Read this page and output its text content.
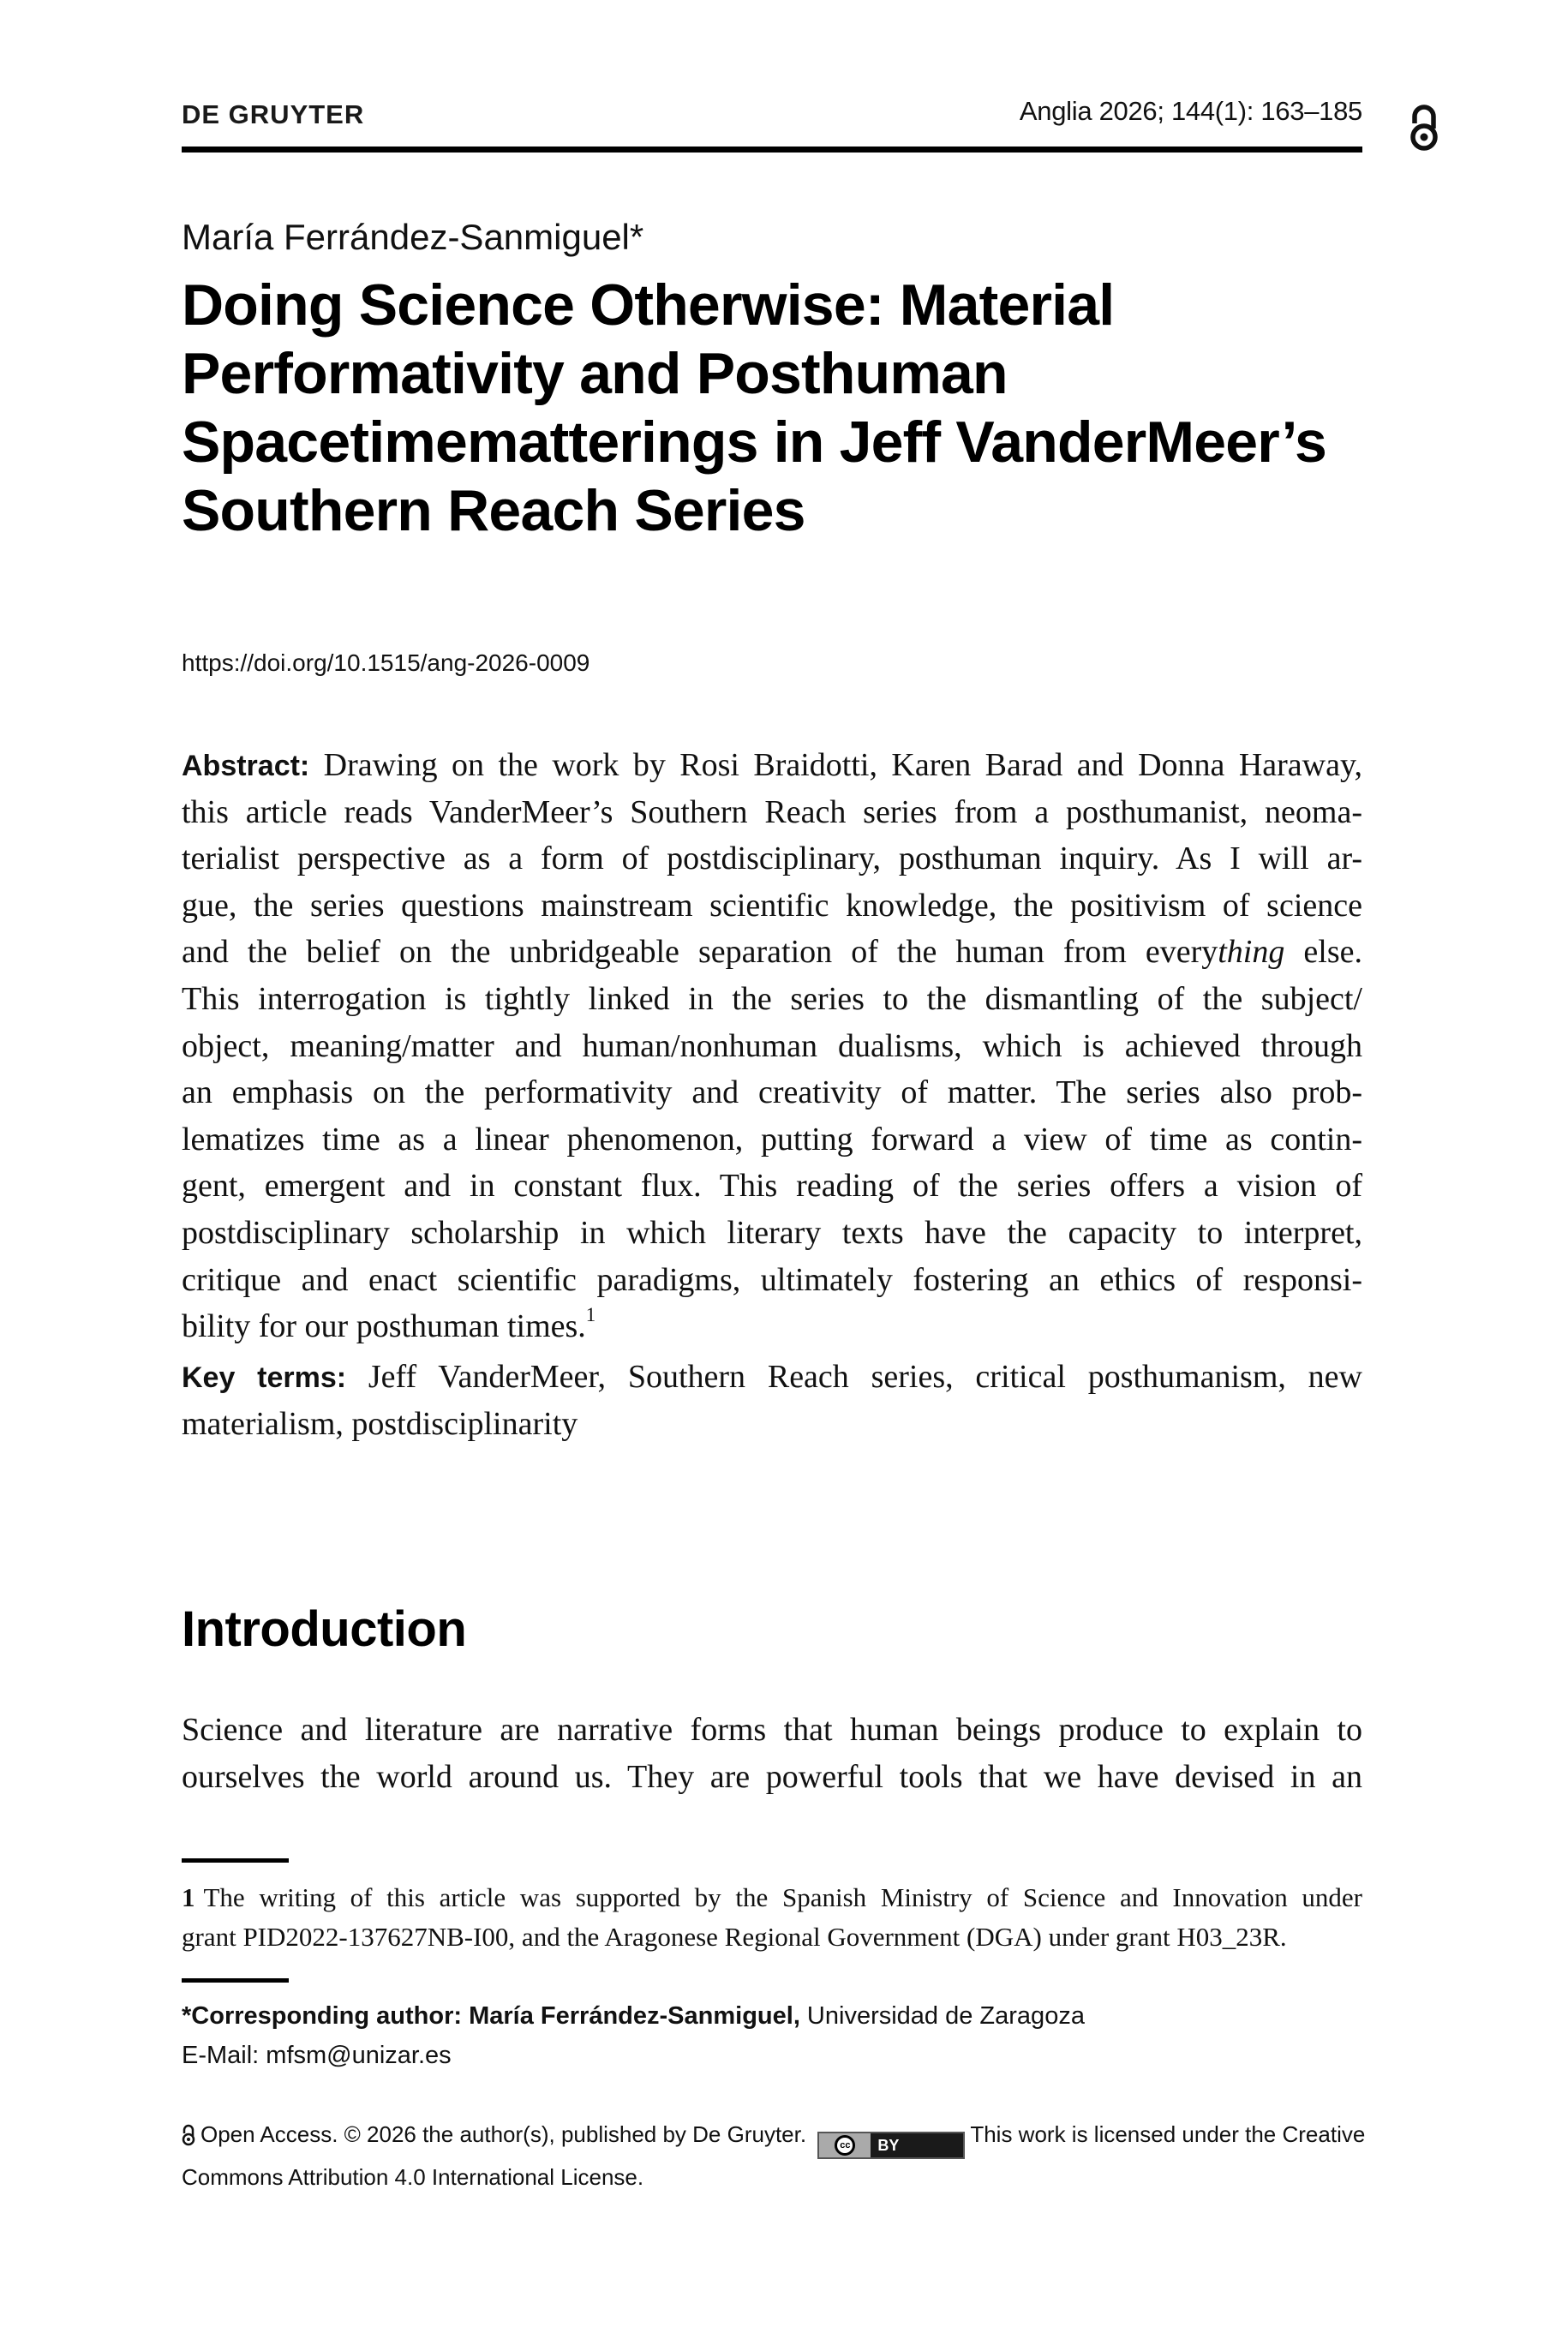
DE GRUYTER	Anglia 2026; 144(1): 163–185
María Ferrández-Sanmiguel*
Doing Science Otherwise: Material
Performativity and Posthuman
Spacetimematterings in Jeff VanderMeer’s
Southern Reach Series
https://doi.org/10.1515/ang-2026-0009
Abstract: Drawing on the work by Rosi Braidotti, Karen Barad and Donna Haraway,
this article reads VanderMeer’s Southern Reach series from a posthumanist, neoma-
terialist perspective as a form of postdisciplinary, posthuman inquiry. As I will ar-
gue, the series questions mainstream scientific knowledge, the positivism of science
and the belief on the unbridgeable separation of the human from everything else.
This interrogation is tightly linked in the series to the dismantling of the subject/
object, meaning/matter and human/nonhuman dualisms, which is achieved through
an emphasis on the performativity and creativity of matter. The series also prob-
lematizes time as a linear phenomenon, putting forward a view of time as contin-
gent, emergent and in constant flux. This reading of the series offers a vision of
postdisciplinary scholarship in which literary texts have the capacity to interpret,
critique and enact scientific paradigms, ultimately fostering an ethics of responsi-
bility for our posthuman times.$^1$
Key terms: Jeff VanderMeer, Southern Reach series, critical posthumanism, new
materialism, postdisciplinarity
Introduction
Science and literature are narrative forms that human beings produce to explain to
ourselves the world around us. They are powerful tools that we have devised in an
1 The writing of this article was supported by the Spanish Ministry of Science and Innovation under
grant PID2022-137627NB-I00, and the Aragonese Regional Government (DGA) under grant H03_23R.
*Corresponding author: María Ferrández-Sanmiguel, Universidad de Zaragoza
E-Mail: mfsm@unizar.es
Open Access. © 2026 the author(s), published by De Gruyter.	cc	BY	This work is licensed under the Creative
Commons Attribution 4.0 International License.
